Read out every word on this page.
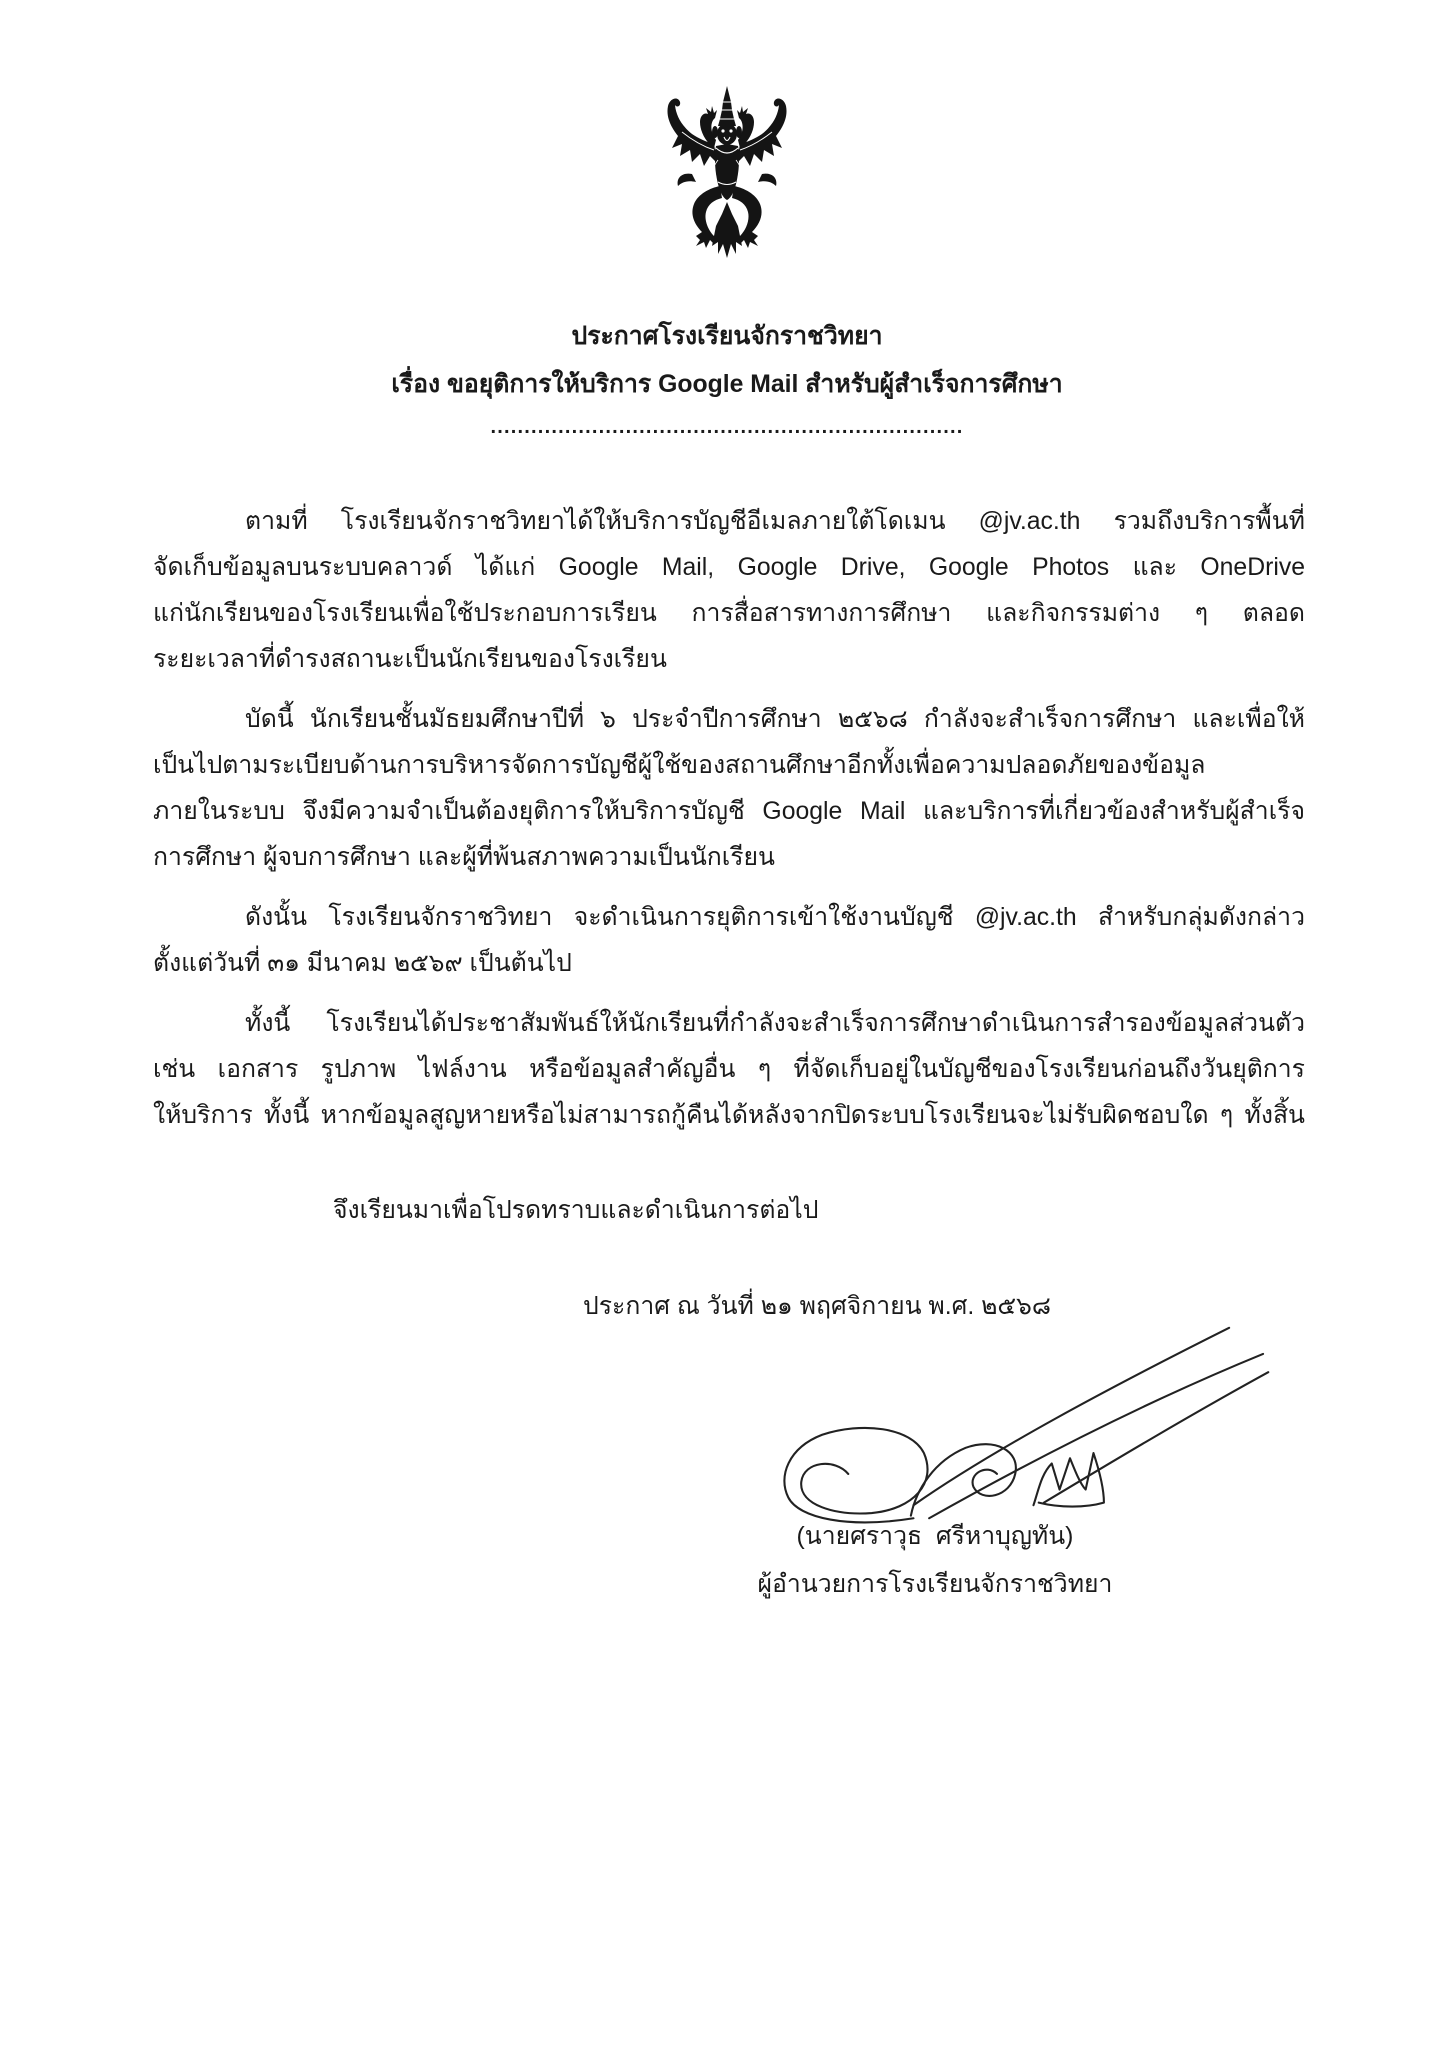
ประกาศโรงเรียนจักราชวิทยา
เรื่อง ขอยุติการให้บริการ Google Mail สำหรับผู้สำเร็จการศึกษา
......................................................................
ตามที่ โรงเรียนจักราชวิทยาได้ให้บริการบัญชีอีเมลภายใต้โดเมน @jv.ac.th รวมถึงบริการพื้นที่
จัดเก็บข้อมูลบนระบบคลาวด์ ได้แก่ Google Mail, Google Drive, Google Photos และ OneDrive
แก่นักเรียนของโรงเรียนเพื่อใช้ประกอบการเรียน การสื่อสารทางการศึกษา และกิจกรรมต่าง ๆ ตลอด
ระยะเวลาที่ดำรงสถานะเป็นนักเรียนของโรงเรียน
บัดนี้ นักเรียนชั้นมัธยมศึกษาปีที่ ๖ ประจำปีการศึกษา ๒๕๖๘ กำลังจะสำเร็จการศึกษา และเพื่อให้
เป็นไปตามระเบียบด้านการบริหารจัดการบัญชีผู้ใช้ของสถานศึกษาอีกทั้งเพื่อความปลอดภัยของข้อมูล
ภายในระบบ จึงมีความจำเป็นต้องยุติการให้บริการบัญชี Google Mail และบริการที่เกี่ยวข้องสำหรับผู้สำเร็จ
การศึกษา ผู้จบการศึกษา และผู้ที่พ้นสภาพความเป็นนักเรียน
ดังนั้น โรงเรียนจักราชวิทยา จะดำเนินการยุติการเข้าใช้งานบัญชี @jv.ac.th สำหรับกลุ่มดังกล่าว
ตั้งแต่วันที่ ๓๑ มีนาคม ๒๕๖๙ เป็นต้นไป
ทั้งนี้ โรงเรียนได้ประชาสัมพันธ์ให้นักเรียนที่กำลังจะสำเร็จการศึกษาดำเนินการสำรองข้อมูลส่วนตัว
เช่น เอกสาร รูปภาพ ไฟล์งาน หรือข้อมูลสำคัญอื่น ๆ ที่จัดเก็บอยู่ในบัญชีของโรงเรียนก่อนถึงวันยุติการ
ให้บริการ ทั้งนี้ หากข้อมูลสูญหายหรือไม่สามารถกู้คืนได้หลังจากปิดระบบโรงเรียนจะไม่รับผิดชอบใด ๆ ทั้งสิ้น
จึงเรียนมาเพื่อโปรดทราบและดำเนินการต่อไป
ประกาศ ณ วันที่ ๒๑ พฤศจิกายน พ.ศ. ๒๕๖๘
(นายศราวุธ  ศรีหาบุญทัน)
ผู้อำนวยการโรงเรียนจักราชวิทยา
